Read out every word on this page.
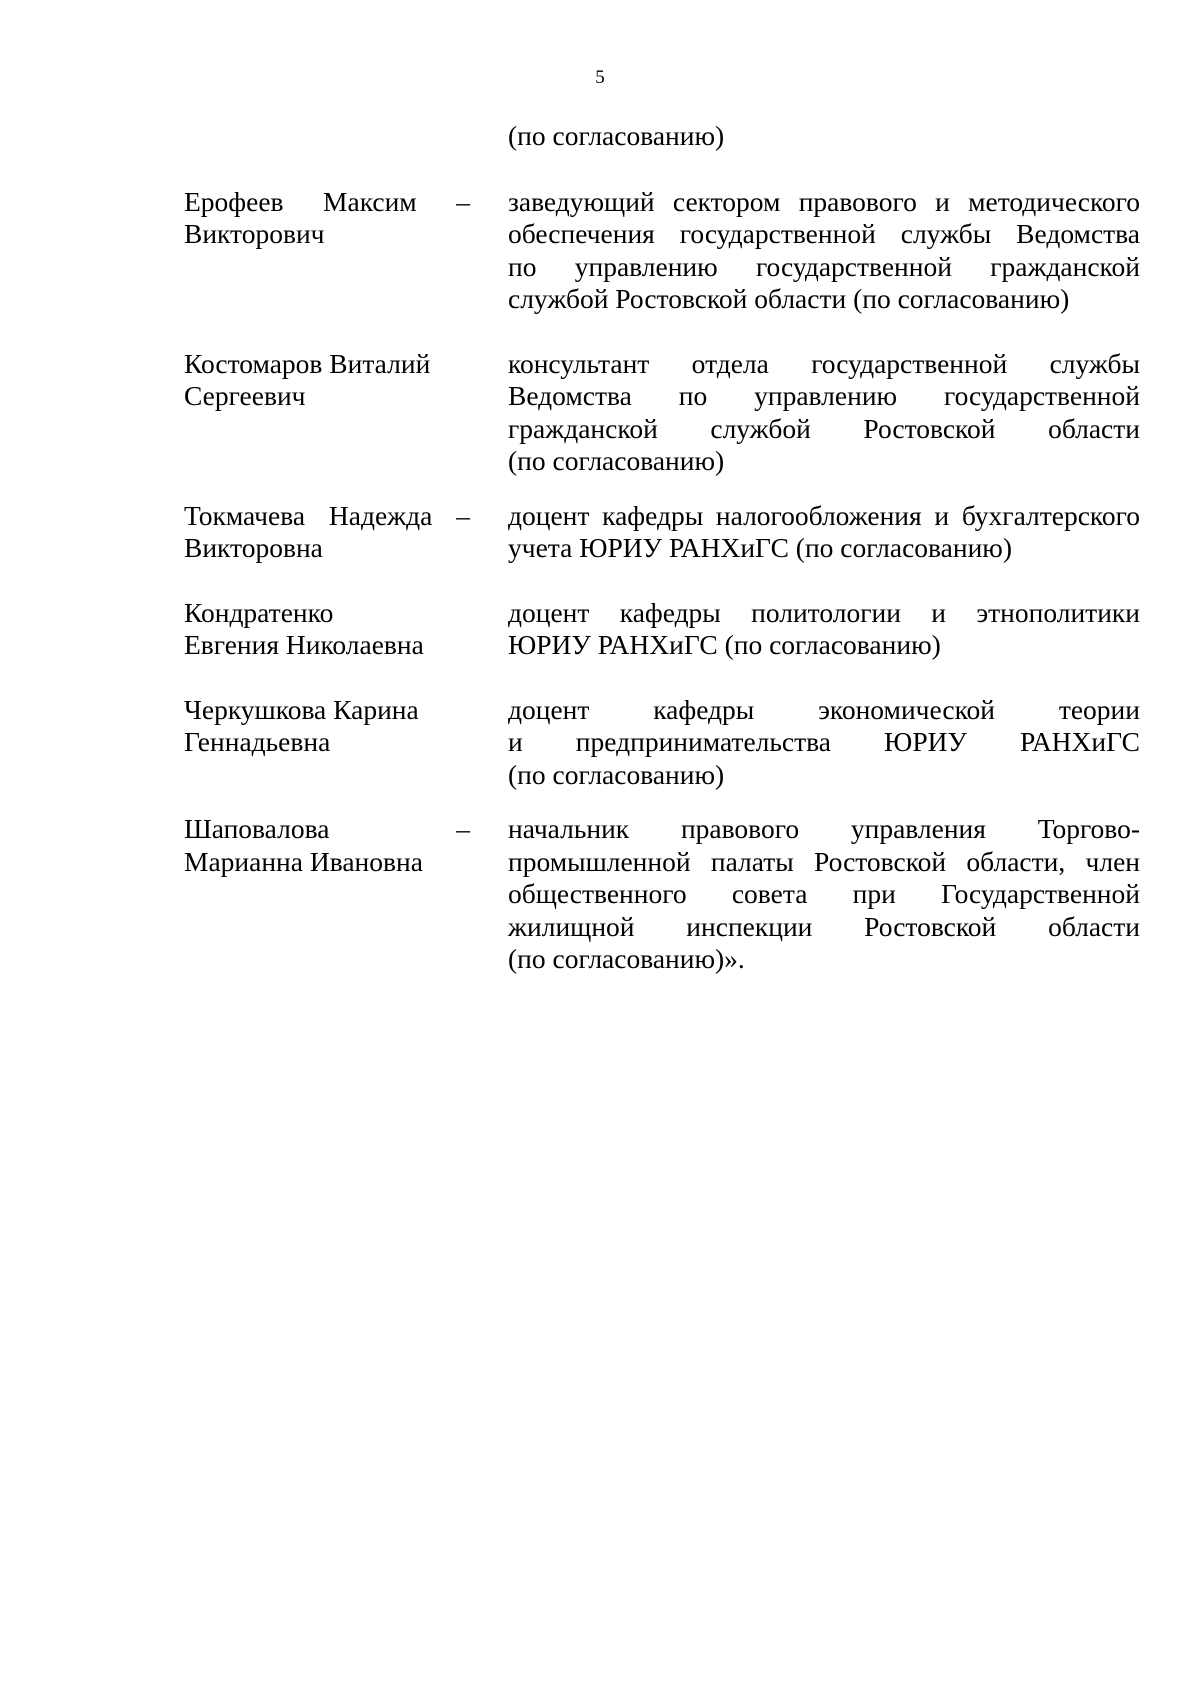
5
(по согласованию)
Ерофеев Максим –
Викторович
заведующий сектором правового и методического
обеспечения государственной службы Ведомства
по управлению государственной гражданской
службой Ростовской области (по согласованию)
Костомаров Виталий
Сергеевич
консультант отдела государственной службы
Ведомства по управлению государственной
гражданской службой Ростовской области
(по согласованию)
Токмачева Надежда –
Викторовна
доцент кафедры налогообложения и бухгалтерского
учета ЮРИУ РАНХиГС (по согласованию)
Кондратенко
Евгения Николаевна
доцент кафедры политологии и этнополитики
ЮРИУ РАНХиГС (по согласованию)
Черкушкова Карина
Геннадьевна
доцент кафедры экономической теории
и предпринимательства ЮРИУ РАНХиГС
(по согласованию)
Шаповалова –
Марианна Ивановна
начальник правового управления Торгово-
промышленной палаты Ростовской области, член
общественного совета при Государственной
жилищной инспекции Ростовской области
(по согласованию)».
